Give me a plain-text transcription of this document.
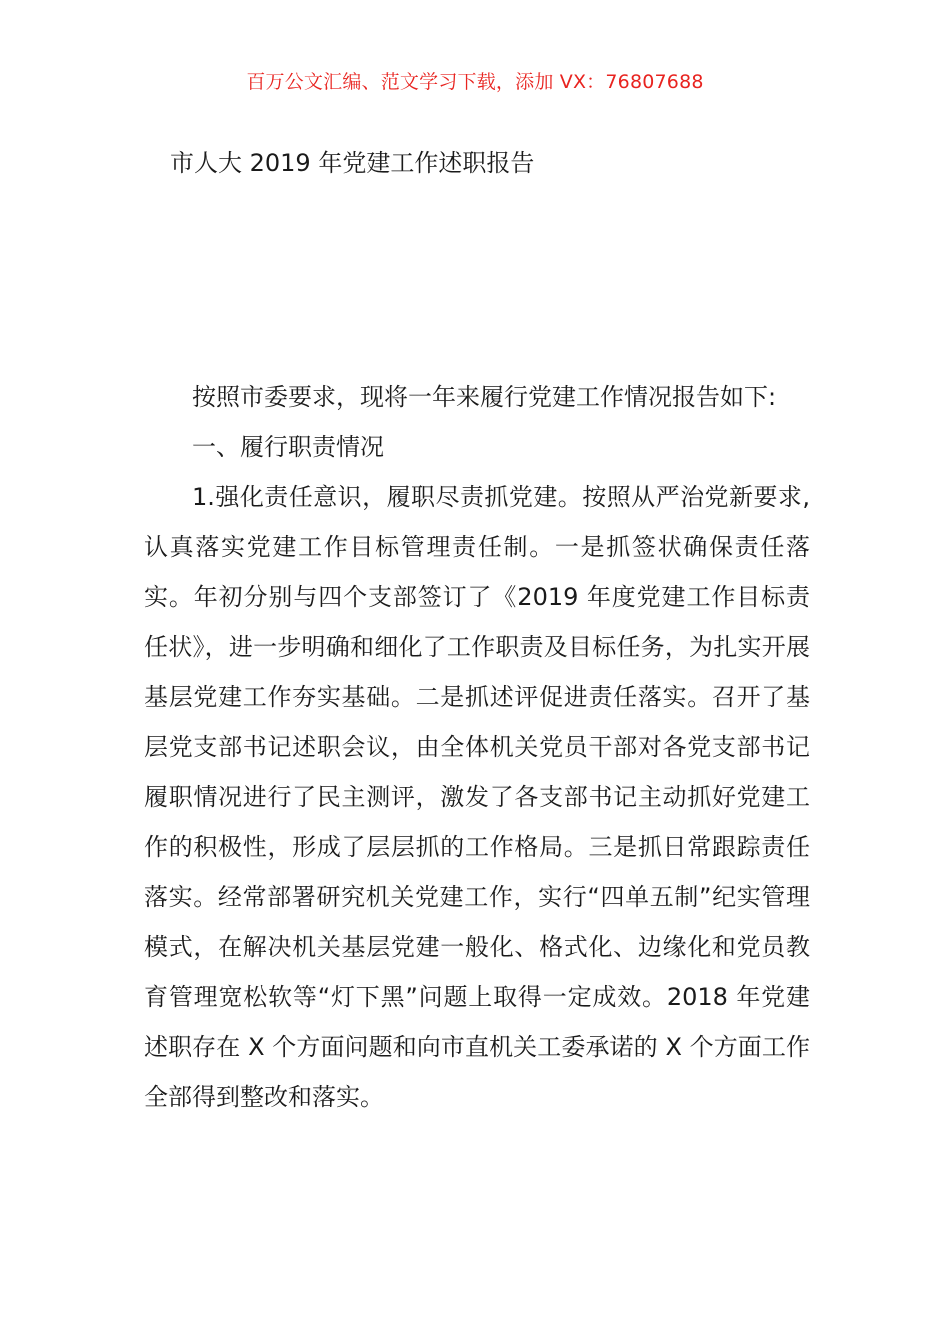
百万公文汇编、范文学习下载，添加 VX：76807688
市人大 2019 年党建工作述职报告

按照市委要求，现将一年来履行党建工作情况报告如下:

一、履行职责情况

1.强化责任意识，履职尽责抓党建。按照从严治党新要求,认真落实党建工作目标管理责任制。一是抓签状确保责任落实。年初分别与四个支部签订了《2019 年度党建工作目标责任状》，进一步明确和细化了工作职责及目标任务，为扎实开展基层党建工作夯实基础。二是抓述评促进责任落实。召开了基层党支部书记述职会议，由全体机关党员干部对各党支部书记履职情况进行了民主测评，激发了各支部书记主动抓好党建工作的积极性，形成了层层抓的工作格局。三是抓日常跟踪责任落实。经常部署研究机关党建工作，实行“四单五制”纪实管理模式，在解决机关基层党建一般化、格式化、边缘化和党员教育管理宽松软等“灯下黑”问题上取得一定成效。2018 年党建述职存在 X 个方面问题和向市直机关工委承诺的 X 个方面工作全部得到整改和落实。
